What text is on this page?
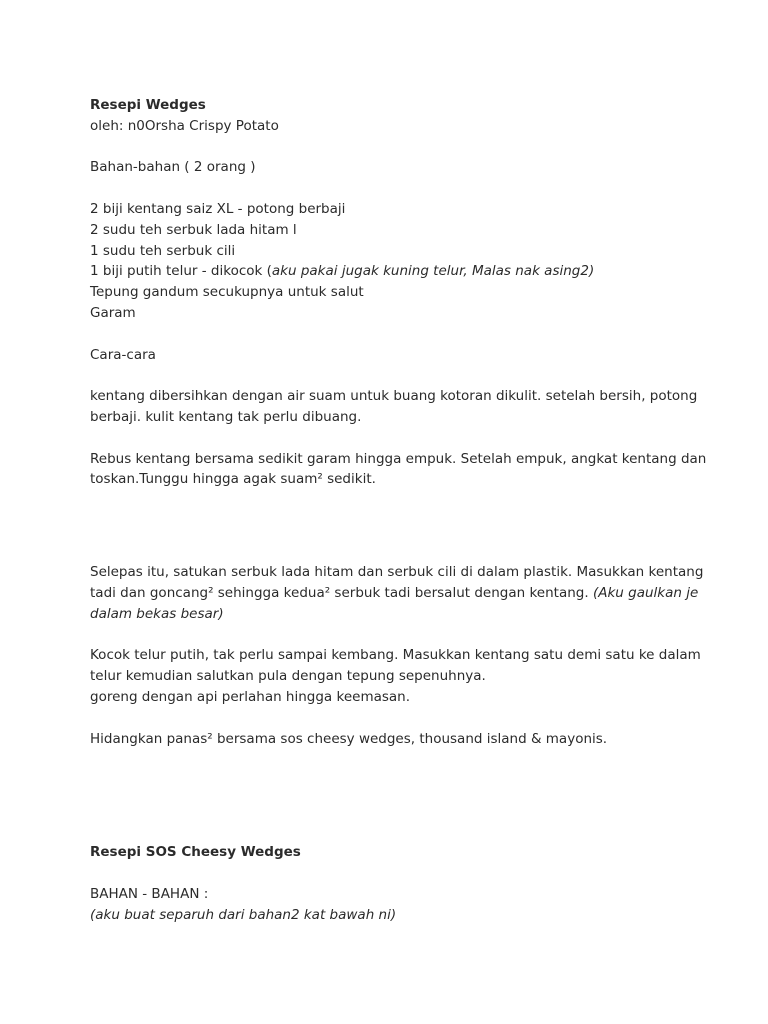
Resepi Wedges

oleh: n0Orsha Crispy Potato

Bahan-bahan ( 2 orang )

2 biji kentang saiz XL - potong berbaji

2 sudu teh serbuk lada hitam l

1 sudu teh serbuk cili

1 biji putih telur - dikocok (aku pakai jugak kuning telur, Malas nak asing2)

Tepung gandum secukupnya untuk salut

Garam

Cara-cara

kentang dibersihkan dengan air suam untuk buang kotoran dikulit. setelah bersih, potong

berbaji. kulit kentang tak perlu dibuang.

Rebus kentang bersama sedikit garam hingga empuk. Setelah empuk, angkat kentang dan

toskan.Tunggu hingga agak suam² sedikit.

Selepas itu, satukan serbuk lada hitam dan serbuk cili di dalam plastik. Masukkan kentang

tadi dan goncang² sehingga kedua² serbuk tadi bersalut dengan kentang. (Aku gaulkan je

dalam bekas besar)

Kocok telur putih, tak perlu sampai kembang. Masukkan kentang satu demi satu ke dalam

telur kemudian salutkan pula dengan tepung sepenuhnya.

goreng dengan api perlahan hingga keemasan.

Hidangkan panas² bersama sos cheesy wedges, thousand island & mayonis.

Resepi SOS Cheesy Wedges

BAHAN - BAHAN :

(aku buat separuh dari bahan2 kat bawah ni)
